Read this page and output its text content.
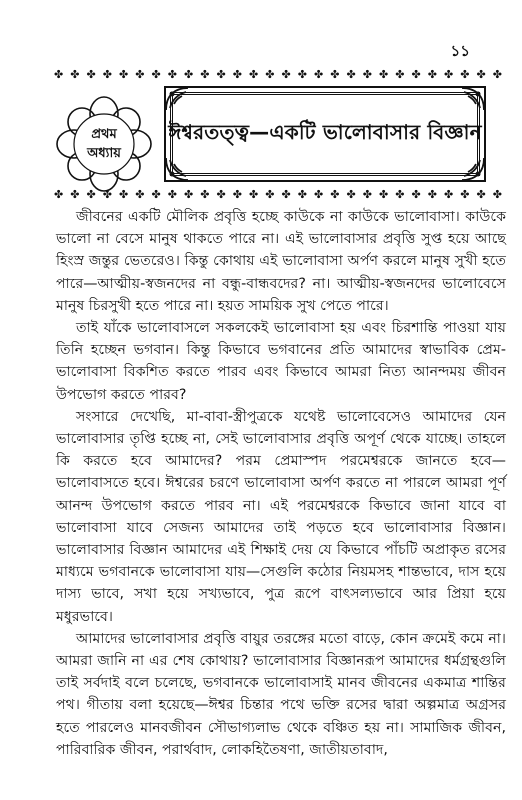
১১
✤ ✤ ✤ ✤ ✤ ✤ ✤ ✤ ✤ ✤ ✤ ✤ ✤ ✤ ✤ ✤ ✤ ✤ ✤ ✤ ✤ ✤ ✤ ✤ ✤ ✤ ✤ ✤
প্রথম
অধ্যায়
ঈশ্বরতত্ত্ব—একটি ভালোবাসার বিজ্ঞান
✤ ✤ ✤ ✤ ✤ ✤ ✤ ✤ ✤ ✤ ✤ ✤ ✤ ✤ ✤ ✤ ✤ ✤ ✤ ✤ ✤ ✤ ✤ ✤ ✤ ✤ ✤ ✤

জীবনের একটি মৌলিক প্রবৃত্তি হচ্ছে কাউকে না কাউকে ভালোবাসা। কাউকে ভালো না বেসে মানুষ থাকতে পারে না। এই ভালোবাসার প্রবৃত্তি সুপ্ত হয়ে আছে হিংস্র জন্তুর ভেতরেও। কিন্তু কোথায় এই ভালোবাসা অর্পণ করলে মানুষ সুখী হতে পারে—আত্মীয়-স্বজনদের না বন্ধু-বান্ধবদের? না। আত্মীয়-স্বজনদের ভালোবেসে মানুষ চিরসুখী হতে পারে না। হয়ত সাময়িক সুখ পেতে পারে।

তাই যাঁকে ভালোবাসলে সকলকেই ভালোবাসা হয় এবং চিরশান্তি পাওয়া যায় তিনি হচ্ছেন ভগবান। কিন্তু কিভাবে ভগবানের প্রতি আমাদের স্বাভাবিক প্রেম-ভালোবাসা বিকশিত করতে পারব এবং কিভাবে আমরা নিত্য আনন্দময় জীবন উপভোগ করতে পারব?

সংসারে দেখেছি, মা-বাবা-স্ত্রীপুত্রকে যথেষ্ট ভালোবেসেও আমাদের যেন ভালোবাসার তৃপ্তি হচ্ছে না, সেই ভালোবাসার প্রবৃত্তি অপূর্ণ থেকে যাচ্ছে। তাহলে কি করতে হবে আমাদের? পরম প্রেমাস্পদ পরমেশ্বরকে জানতে হবে—ভালোবাসতে হবে। ঈশ্বরের চরণে ভালোবাসা অর্পণ করতে না পারলে আমরা পূর্ণ আনন্দ উপভোগ করতে পারব না। এই পরমেশ্বরকে কিভাবে জানা যাবে বা ভালোবাসা যাবে সেজন্য আমাদের তাই পড়তে হবে ভালোবাসার বিজ্ঞান। ভালোবাসার বিজ্ঞান আমাদের এই শিক্ষাই দেয় যে কিভাবে পাঁচটি অপ্রাকৃত রসের মাধ্যমে ভগবানকে ভালোবাসা যায়—সেগুলি কঠোর নিয়মসহ শান্তভাবে, দাস হয়ে দাস্য ভাবে, সখা হয়ে সখ্যভাবে, পুত্র রূপে বাৎসল্যভাবে আর প্রিয়া হয়ে মধুরভাবে।

আমাদের ভালোবাসার প্রবৃত্তি বায়ুর তরঙ্গের মতো বাড়ে, কোন ক্রমেই কমে না। আমরা জানি না এর শেষ কোথায়? ভালোবাসার বিজ্ঞানরূপ আমাদের ধর্মগ্রন্থগুলি তাই সর্বদাই বলে চলেছে, ভগবানকে ভালোবাসাই মানব জীবনের একমাত্র শান্তির পথ। গীতায় বলা হয়েছে—ঈশ্বর চিন্তার পথে ভক্তি রসের দ্বারা অল্পমাত্র অগ্রসর হতে পারলেও মানবজীবন সৌভাগ্যলাভ থেকে বঞ্চিত হয় না। সামাজিক জীবন, পারিবারিক জীবন, পরার্থবাদ, লোকহিতৈষণা, জাতীয়তাবাদ,
